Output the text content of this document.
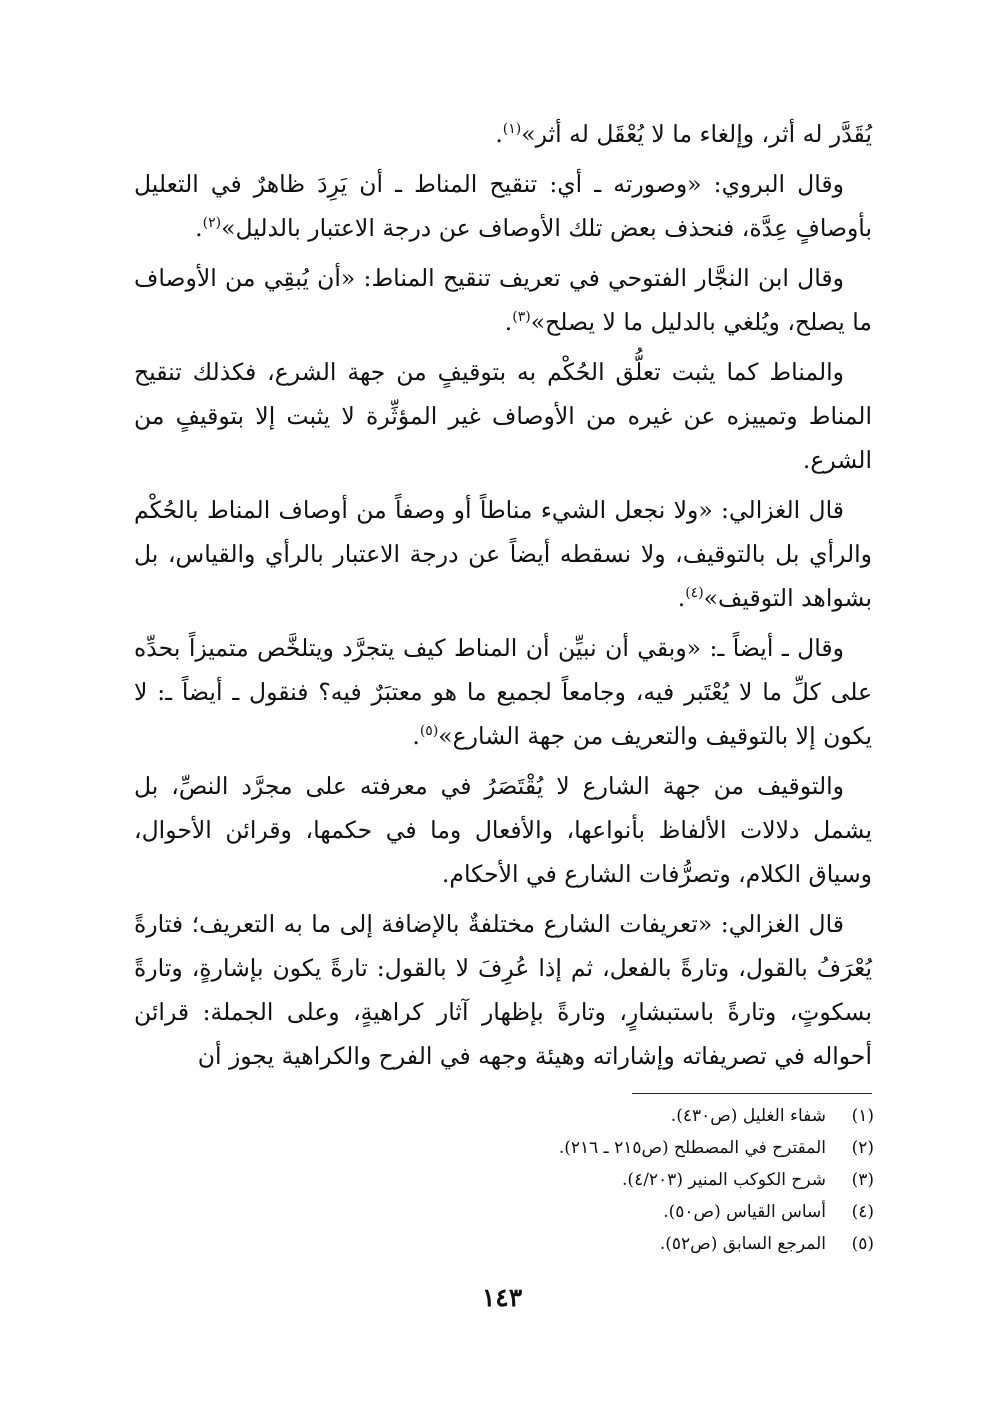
يُقَدَّر له أثر، وإلغاء ما لا يُعْقَل له أثر»$^{(١)}$.

وقال البروي: «وصورته ـ أي: تنقيح المناط ـ أن يَرِدَ ظاهرٌ في التعليل بأوصافٍ عِدَّة، فنحذف بعض تلك الأوصاف عن درجة الاعتبار بالدليل»$^{(٢)}$.

وقال ابن النجَّار الفتوحي في تعريف تنقيح المناط: «أن يُبقِي من الأوصاف ما يصلح، ويُلغي بالدليل ما لا يصلح»$^{(٣)}$.

والمناط كما يثبت تعلُّق الحُكْم به بتوقيفٍ من جهة الشرع، فكذلك تنقيح المناط وتمييزه عن غيره من الأوصاف غير المؤثِّرة لا يثبت إلا بتوقيفٍ من الشرع.

قال الغزالي: «ولا نجعل الشيء مناطاً أو وصفاً من أوصاف المناط بالحُكْم والرأي بل بالتوقيف، ولا نسقطه أيضاً عن درجة الاعتبار بالرأي والقياس، بل بشواهد التوقيف»$^{(٤)}$.

وقال ـ أيضاً ـ: «وبقي أن نبيِّن أن المناط كيف يتجرَّد ويتلخَّص متميزاً بحدِّه على كلِّ ما لا يُعْتَبر فيه، وجامعاً لجميع ما هو معتبَرٌ فيه؟ فنقول ـ أيضاً ـ: لا يكون إلا بالتوقيف والتعريف من جهة الشارع»$^{(٥)}$.

والتوقيف من جهة الشارع لا يُقْتَصَرُ في معرفته على مجرَّد النصِّ، بل يشمل دلالات الألفاظ بأنواعها، والأفعال وما في حكمها، وقرائن الأحوال، وسياق الكلام، وتصرُّفات الشارع في الأحكام.

قال الغزالي: «تعريفات الشارع مختلفةٌ بالإضافة إلى ما به التعريف؛ فتارةً يُعْرَفُ بالقول، وتارةً بالفعل، ثم إذا عُرِفَ لا بالقول: تارةً يكون بإشارةٍ، وتارةً بسكوتٍ، وتارةً باستبشارٍ، وتارةً بإظهار آثار كراهيةٍ، وعلى الجملة: قرائن أحواله في تصريفاته وإشاراته وهيئة وجهه في الفرح والكراهية يجوز أن

(١)
شفاء الغليل (ص٤٣٠).
(٢)
المقترح في المصطلح (ص٢١٥ ـ ٢١٦).
(٣)
شرح الكوكب المنير (٤/٢٠٣).
(٤)
أساس القياس (ص٥٠).
(٥)
المرجع السابق (ص٥٢).
١٤٣
